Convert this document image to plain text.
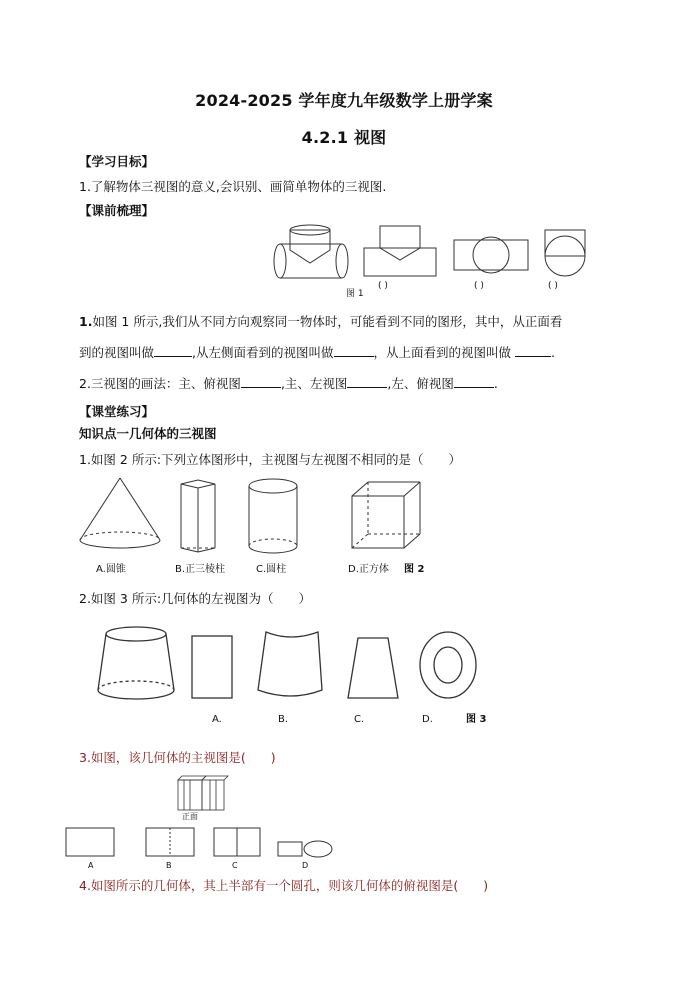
2024-2025 学年度九年级数学上册学案
4.2.1 视图
【学习目标】
1.了解物体三视图的意义,会识别、画简单物体的三视图.
【课前梳理】
图 1
( )	( )	( )
1.如图 1 所示,我们从不同方向观察同一物体时，可能看到不同的图形，其中，从正面看
到的视图叫做	,从左侧面看到的视图叫做	，从上面看到的视图叫做	.
2.三视图的画法：主、俯视图	,主、左视图	,左、俯视图	.
【课堂练习】
知识点一几何体的三视图
1.如图 2 所示:下列立体图形中，主视图与左视图不相同的是（　　）
A.圆锥	B.正三棱柱	C.圆柱	D.正方体 图 2
2.如图 3 所示:几何体的左视图为（　　）
A.	B.	C.	D.	图 3
3.如图，该几何体的主视图是(　　)
正面
A	B	C	D
4.如图所示的几何体，其上半部有一个圆孔，则该几何体的俯视图是(　　)
